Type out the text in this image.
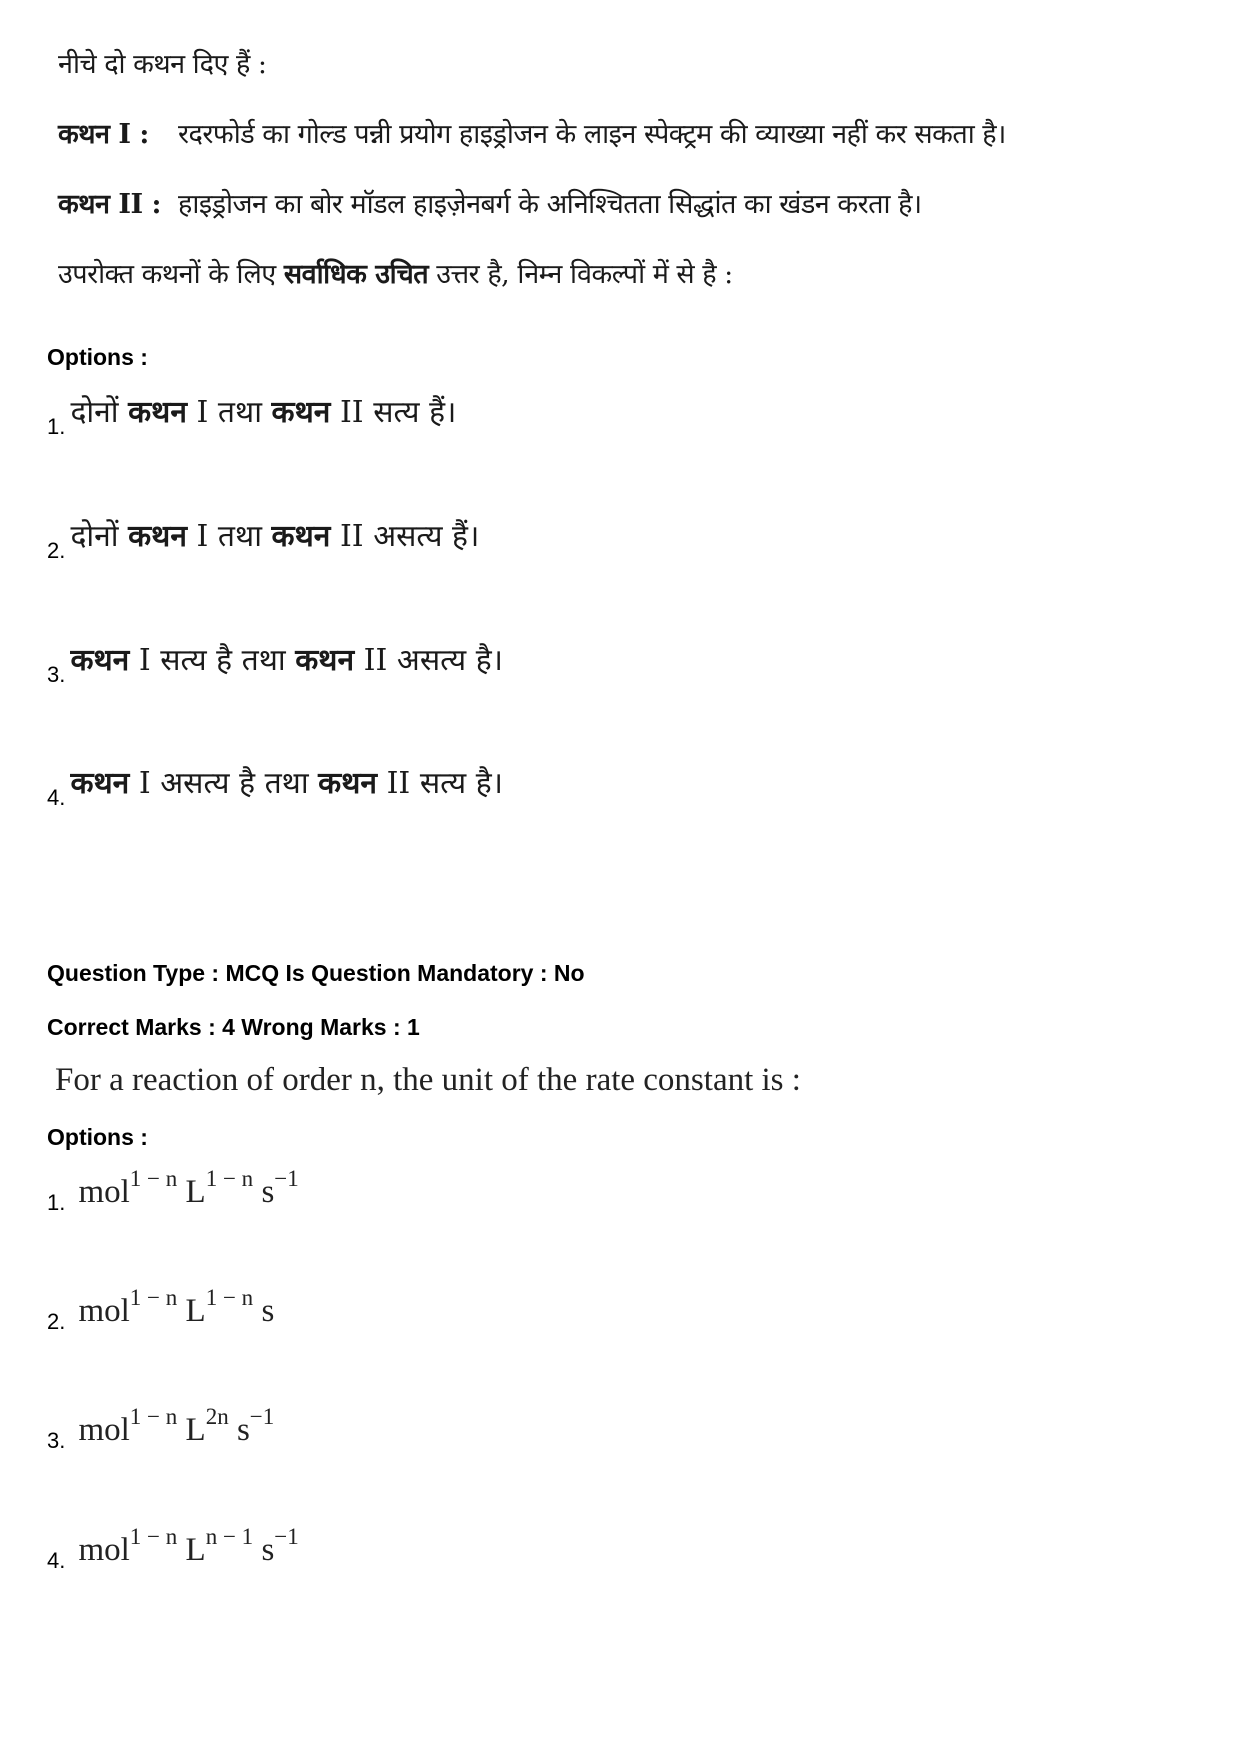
नीचे दो कथन दिए हैं :
कथन I : रदरफोर्ड का गोल्ड पन्नी प्रयोग हाइड्रोजन के लाइन स्पेक्ट्रम की व्याख्या नहीं कर सकता है।
कथन II : हाइड्रोजन का बोर मॉडल हाइज़ेनबर्ग के अनिश्चितता सिद्धांत का खंडन करता है।
उपरोक्त कथनों के लिए सर्वाधिक उचित उत्तर है, निम्न विकल्पों में से है :
Options :
1. दोनों कथन I तथा कथन II सत्य हैं।
2. दोनों कथन I तथा कथन II असत्य हैं।
3. कथन I सत्य है तथा कथन II असत्य है।
4. कथन I असत्य है तथा कथन II सत्य है।
Question Type : MCQ Is Question Mandatory : No
Correct Marks : 4 Wrong Marks : 1
For a reaction of order n, the unit of the rate constant is :
Options :
1. mol$^{1 - n}$ $L^{1 - n}$ $s^{-1}$
2. mol$^{1 - n}$ $L^{1 - n}$ s
3. mol$^{1 - n}$ $L^{2n}$ $s^{-1}$
4. mol$^{1 - n}$ $L^{n - 1}$ $s^{-1}$
